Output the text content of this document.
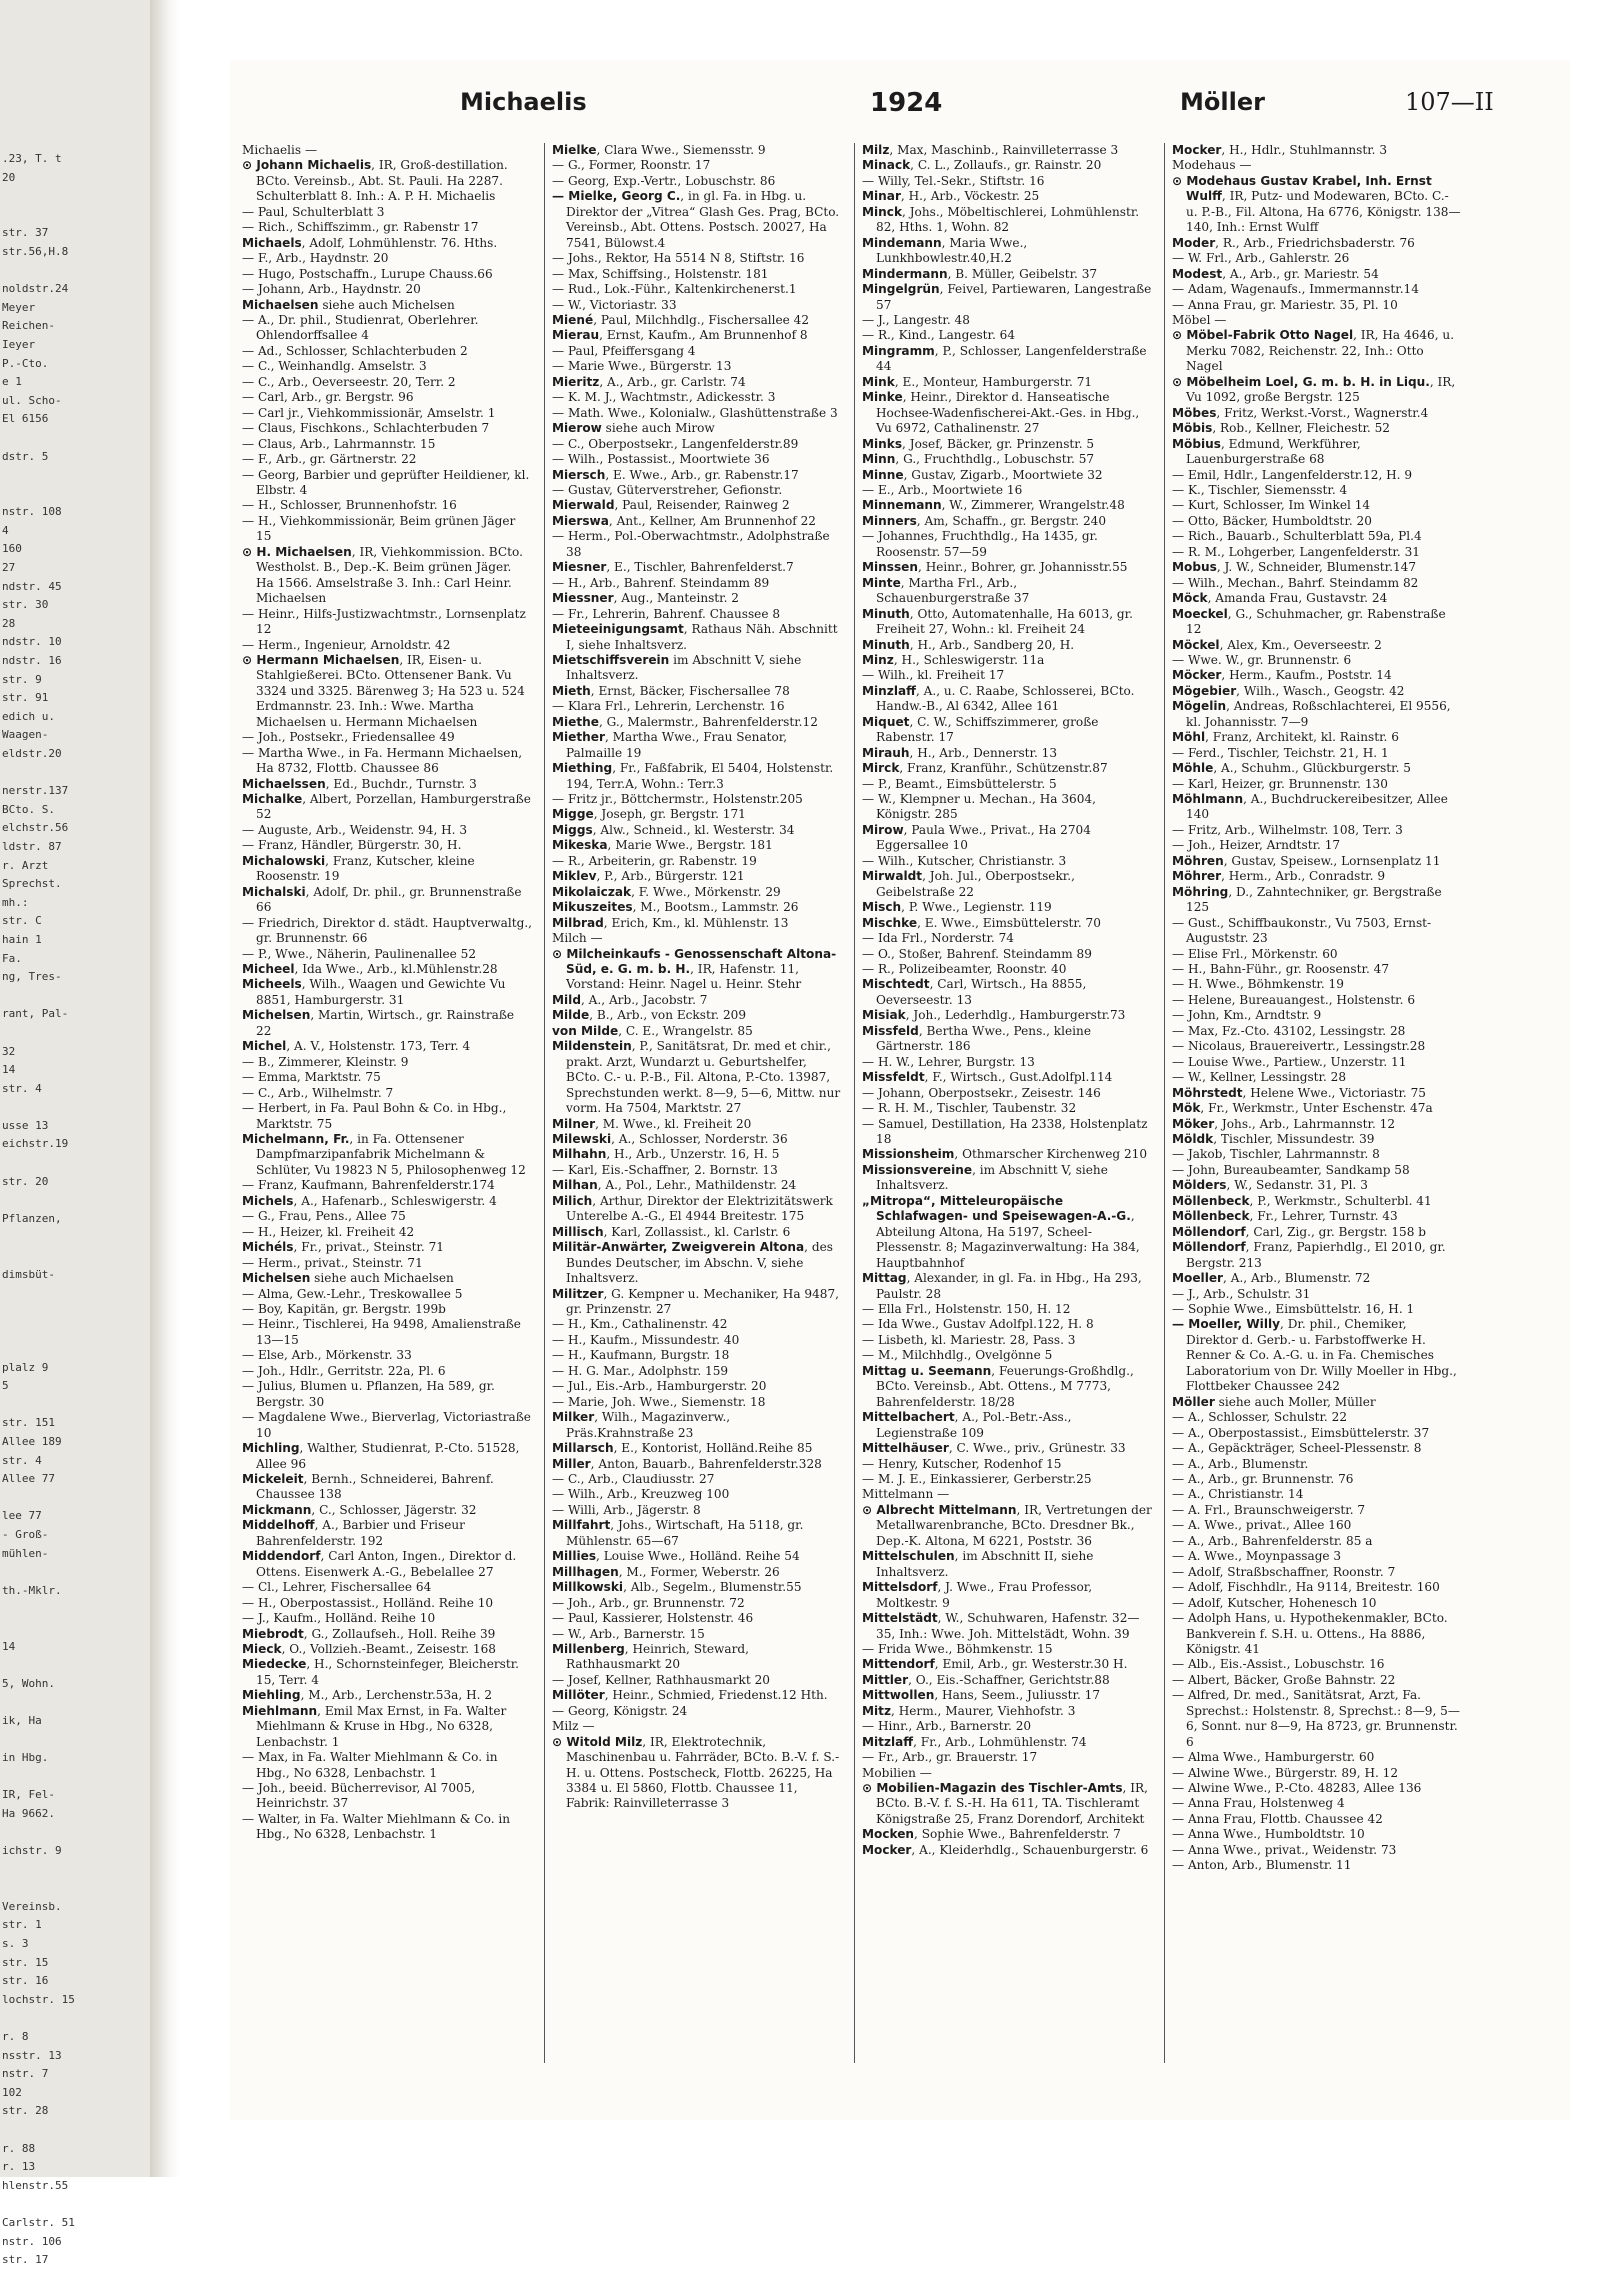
.23, T. t
20

str. 37
str.56,H.8

noldstr.24
Meyer
Reichen-
Ieyer
P.-Cto.
e 1
ul. Scho-
El 6156

dstr. 5

nstr. 108
4
160
27
ndstr. 45
str. 30
28
ndstr. 10
ndstr. 16
str. 9
str. 91
edich u.
Waagen-
eldstr.20

nerstr.137
BCto. S.
elchstr.56
ldstr. 87
r. Arzt
Sprechst.
mh.:
str. C
hain 1
Fa.
ng, Tres-

rant, Pal-

32
14
str. 4

usse 13
eichstr.19

str. 20

Pflanzen,

dimsbüt-

plalz 9
5

str. 151
Allee 189
str. 4
Allee 77

lee 77
- Groß-
mühlen-

th.-Mklr.

14

5, Wohn.

ik, Ha

in Hbg.

IR, Fel-
Ha 9662.

ichstr. 9

Vereinsb.
str. 1
s. 3
str. 15
str. 16
lochstr. 15

r. 8
nsstr. 13
nstr. 7
102
str. 28

r. 88
r. 13
hlenstr.55

Carlstr. 51
nstr. 106
str. 17
Michaelis	1924	Möller	107—II
Michaelis —
⊙ Johann Michaelis, IR, Groß-destillation. BCto. Vereinsb., Abt. St. Pauli. Ha 2287. Schulterblatt 8. Inh.: A. P. H. Michaelis
— Paul, Schulterblatt 3
— Rich., Schiffszimm., gr. Rabenstr 17
Michaels, Adolf, Lohmühlenstr. 76. Hths.
— F., Arb., Haydnstr. 20
— Hugo, Postschaffn., Lurupe Chauss.66
— Johann, Arb., Haydnstr. 20
Michaelsen siehe auch Michelsen
— A., Dr. phil., Studienrat, Oberlehrer. Ohlendorffsallee 4
— Ad., Schlosser, Schlachterbuden 2
— C., Weinhandlg. Amselstr. 3
— C., Arb., Oeverseestr. 20, Terr. 2
— Carl, Arb., gr. Bergstr. 96
— Carl jr., Viehkommissionär, Amselstr. 1
— Claus, Fischkons., Schlachterbuden 7
— Claus, Arb., Lahrmannstr. 15
— F., Arb., gr. Gärtnerstr. 22
— Georg, Barbier und geprüfter Heildiener, kl. Elbstr. 4
— H., Schlosser, Brunnenhofstr. 16
— H., Viehkommissionär, Beim grünen Jäger 15
⊙ H. Michaelsen, IR, Viehkommission. BCto. Westholst. B., Dep.-K. Beim grünen Jäger. Ha 1566. Amselstraße 3. Inh.: Carl Heinr. Michaelsen
— Heinr., Hilfs-Justizwachtmstr., Lornsenplatz 12
— Herm., Ingenieur, Arnoldstr. 42
⊙ Hermann Michaelsen, IR, Eisen- u. Stahlgießerei. BCto. Ottensener Bank. Vu 3324 und 3325. Bärenweg 3; Ha 523 u. 524 Erdmannstr. 23. Inh.: Wwe. Martha Michaelsen u. Hermann Michaelsen
— Joh., Postsekr., Friedensallee 49
— Martha Wwe., in Fa. Hermann Michaelsen, Ha 8732, Flottb. Chaussee 86
Michaelssen, Ed., Buchdr., Turnstr. 3
Michalke, Albert, Porzellan, Hamburgerstraße 52
— Auguste, Arb., Weidenstr. 94, H. 3
— Franz, Händler, Bürgerstr. 30, H.
Michalowski, Franz, Kutscher, kleine Roosenstr. 19
Michalski, Adolf, Dr. phil., gr. Brunnenstraße 66
— Friedrich, Direktor d. städt. Hauptverwaltg., gr. Brunnenstr. 66
— P., Wwe., Näherin, Paulinenallee 52
Micheel, Ida Wwe., Arb., kl.Mühlenstr.28
Micheels, Wilh., Waagen und Gewichte Vu 8851, Hamburgerstr. 31
Michelsen, Martin, Wirtsch., gr. Rainstraße 22
Michel, A. V., Holstenstr. 173, Terr. 4
— B., Zimmerer, Kleinstr. 9
— Emma, Marktstr. 75
— C., Arb., Wilhelmstr. 7
— Herbert, in Fa. Paul Bohn & Co. in Hbg., Marktstr. 75
Michelmann, Fr., in Fa. Ottensener Dampfmarzipanfabrik Michelmann & Schlüter, Vu 19823 N 5, Philosophenweg 12
— Franz, Kaufmann, Bahrenfelderstr.174
Michels, A., Hafenarb., Schleswigerstr. 4
— G., Frau, Pens., Allee 75
— H., Heizer, kl. Freiheit 42
Michéls, Fr., privat., Steinstr. 71
— Herm., privat., Steinstr. 71
Michelsen siehe auch Michaelsen
— Alma, Gew.-Lehr., Treskowallee 5
— Boy, Kapitän, gr. Bergstr. 199b
— Heinr., Tischlerei, Ha 9498, Amalienstraße 13—15
— Else, Arb., Mörkenstr. 33
— Joh., Hdlr., Gerritstr. 22a, Pl. 6
— Julius, Blumen u. Pflanzen, Ha 589, gr. Bergstr. 30
— Magdalene Wwe., Bierverlag, Victoriastraße 10
Michling, Walther, Studienrat, P.-Cto. 51528, Allee 96
Mickeleit, Bernh., Schneiderei, Bahrenf. Chaussee 138
Mickmann, C., Schlosser, Jägerstr. 32
Middelhoff, A., Barbier und Friseur Bahrenfelderstr. 192
Middendorf, Carl Anton, Ingen., Direktor d. Ottens. Eisenwerk A.-G., Bebelallee 27
— Cl., Lehrer, Fischersallee 64
— H., Oberpostassist., Holländ. Reihe 10
— J., Kaufm., Holländ. Reihe 10
Miebrodt, G., Zollaufseh., Holl. Reihe 39
Mieck, O., Vollzieh.-Beamt., Zeisestr. 168
Miedecke, H., Schornsteinfeger, Bleicherstr. 15, Terr. 4
Miehling, M., Arb., Lerchenstr.53a, H. 2
Miehlmann, Emil Max Ernst, in Fa. Walter Miehlmann & Kruse in Hbg., No 6328, Lenbachstr. 1
— Max, in Fa. Walter Miehlmann & Co. in Hbg., No 6328, Lenbachstr. 1
— Joh., beeid. Bücherrevisor, Al 7005, Heinrichstr. 37
— Walter, in Fa. Walter Miehlmann & Co. in Hbg., No 6328, Lenbachstr. 1
Mielke, Clara Wwe., Siemensstr. 9
— G., Former, Roonstr. 17
— Georg, Exp.-Vertr., Lobuschstr. 86
— Mielke, Georg C., in gl. Fa. in Hbg. u. Direktor der „Vitrea“ Glash Ges. Prag, BCto. Vereinsb., Abt. Ottens. Postsch. 20027, Ha 7541, Bülowst.4
— Johs., Rektor, Ha 5514 N 8, Stiftstr. 16
— Max, Schiffsing., Holstenstr. 181
— Rud., Lok.-Führ., Kaltenkirchenerst.1
— W., Victoriastr. 33
Miené, Paul, Milchhdlg., Fischersallee 42
Mierau, Ernst, Kaufm., Am Brunnenhof 8
— Paul, Pfeiffersgang 4
— Marie Wwe., Bürgerstr. 13
Mieritz, A., Arb., gr. Carlstr. 74
— K. M. J., Wachtmstr., Adickesstr. 3
— Math. Wwe., Kolonialw., Glashüttenstraße 3
Mierow siehe auch Mirow
— C., Oberpostsekr., Langenfelderstr.89
— Wilh., Postassist., Moortwiete 36
Miersch, E. Wwe., Arb., gr. Rabenstr.17
— Gustav, Güterverstreher, Gefionstr.
Mierwald, Paul, Reisender, Rainweg 2
Mierswa, Ant., Kellner, Am Brunnenhof 22
— Herm., Pol.-Oberwachtmstr., Adolphstraße 38
Miesner, E., Tischler, Bahrenfelderst.7
— H., Arb., Bahrenf. Steindamm 89
Miessner, Aug., Manteinstr. 2
— Fr., Lehrerin, Bahrenf. Chaussee 8
Mieteeinigungsamt, Rathaus Näh. Abschnitt I, siehe Inhaltsverz.
Mietschiffsverein im Abschnitt V, siehe Inhaltsverz.
Mieth, Ernst, Bäcker, Fischersallee 78
— Klara Frl., Lehrerin, Lerchenstr. 16
Miethe, G., Malermstr., Bahrenfelderstr.12
Miether, Martha Wwe., Frau Senator, Palmaille 19
Miething, Fr., Faßfabrik, El 5404, Holstenstr. 194, Terr.A, Wohn.: Terr.3
— Fritz jr., Böttchermstr., Holstenstr.205
Migge, Joseph, gr. Bergstr. 171
Miggs, Alw., Schneid., kl. Westerstr. 34
Mikeska, Marie Wwe., Bergstr. 181
— R., Arbeiterin, gr. Rabenstr. 19
Miklev, P., Arb., Bürgerstr. 121
Mikolaiczak, F. Wwe., Mörkenstr. 29
Mikuszeites, M., Bootsm., Lammstr. 26
Milbrad, Erich, Km., kl. Mühlenstr. 13
Milch —
⊙ Milcheinkaufs - Genossenschaft Altona-Süd, e. G. m. b. H., IR, Hafenstr. 11, Vorstand: Heinr. Nagel u. Heinr. Stehr
Mild, A., Arb., Jacobstr. 7
Milde, B., Arb., von Eckstr. 209
von Milde, C. E., Wrangelstr. 85
Mildenstein, P., Sanitätsrat, Dr. med et chir., prakt. Arzt, Wundarzt u. Geburtshelfer, BCto. C.- u. P.-B., Fil. Altona, P.-Cto. 13987, Sprechstunden werkt. 8—9, 5—6, Mittw. nur vorm. Ha 7504, Marktstr. 27
Milner, M. Wwe., kl. Freiheit 20
Milewski, A., Schlosser, Norderstr. 36
Milhahn, H., Arb., Unzerstr. 16, H. 5
— Karl, Eis.-Schaffner, 2. Bornstr. 13
Milhan, A., Pol., Lehr., Mathildenstr. 24
Milich, Arthur, Direktor der Elektrizitätswerk Unterelbe A.-G., El 4944 Breitestr. 175
Millisch, Karl, Zollassist., kl. Carlstr. 6
Militär-Anwärter, Zweigverein Altona, des Bundes Deutscher, im Abschn. V, siehe Inhaltsverz.
Militzer, G. Kempner u. Mechaniker, Ha 9487, gr. Prinzenstr. 27
— H., Km., Cathalinenstr. 42
— H., Kaufm., Missundestr. 40
— H., Kaufmann, Burgstr. 18
— H. G. Mar., Adolphstr. 159
— Jul., Eis.-Arb., Hamburgerstr. 20
— Marie, Joh. Wwe., Siemenstr. 18
Milker, Wilh., Magazinverw., Präs.Krahnstraße 23
Millarsch, E., Kontorist, Holländ.Reihe 85
Miller, Anton, Bauarb., Bahrenfelderstr.328
— C., Arb., Claudiusstr. 27
— Wilh., Arb., Kreuzweg 100
— Willi, Arb., Jägerstr. 8
Millfahrt, Johs., Wirtschaft, Ha 5118, gr. Mühlenstr. 65—67
Millies, Louise Wwe., Holländ. Reihe 54
Millhagen, M., Former, Weberstr. 26
Millkowski, Alb., Segelm., Blumenstr.55
— Joh., Arb., gr. Brunnenstr. 72
— Paul, Kassierer, Holstenstr. 46
— W., Arb., Barnerstr. 15
Millenberg, Heinrich, Steward, Rathhausmarkt 20
— Josef, Kellner, Rathhausmarkt 20
Millöter, Heinr., Schmied, Friedenst.12 Hth.
— Georg, Königstr. 24
Milz —
⊙ Witold Milz, IR, Elektrotechnik, Maschinenbau u. Fahrräder, BCto. B.-V. f. S.-H. u. Ottens. Postscheck, Flottb. 26225, Ha 3384 u. El 5860, Flottb. Chaussee 11, Fabrik: Rainvilleterrasse 3
Milz, Max, Maschinb., Rainvilleterrasse 3
Minack, C. L., Zollaufs., gr. Rainstr. 20
— Willy, Tel.-Sekr., Stiftstr. 16
Minar, H., Arb., Vöckestr. 25
Minck, Johs., Möbeltischlerei, Lohmühlenstr. 82, Hths. 1, Wohn. 82
Mindemann, Maria Wwe., Lunkhbowlestr.40,H.2
Mindermann, B. Müller, Geibelstr. 37
Mingelgrün, Feivel, Partiewaren, Langestraße 57
— J., Langestr. 48
— R., Kind., Langestr. 64
Mingramm, P., Schlosser, Langenfelderstraße 44
Mink, E., Monteur, Hamburgerstr. 71
Minke, Heinr., Direktor d. Hanseatische Hochsee-Wadenfischerei-Akt.-Ges. in Hbg., Vu 6972, Cathalinenstr. 27
Minks, Josef, Bäcker, gr. Prinzenstr. 5
Minn, G., Fruchthdlg., Lobuschstr. 57
Minne, Gustav, Zigarb., Moortwiete 32
— E., Arb., Moortwiete 16
Minnemann, W., Zimmerer, Wrangelstr.48
Minners, Am, Schaffn., gr. Bergstr. 240
— Johannes, Fruchthdlg., Ha 1435, gr. Roosenstr. 57—59
Minssen, Heinr., Bohrer, gr. Johannisstr.55
Minte, Martha Frl., Arb., Schauenburgerstraße 37
Minuth, Otto, Automatenhalle, Ha 6013, gr. Freiheit 27, Wohn.: kl. Freiheit 24
Minuth, H., Arb., Sandberg 20, H.
Minz, H., Schleswigerstr. 11a
— Wilh., kl. Freiheit 17
Minzlaff, A., u. C. Raabe, Schlosserei, BCto. Handw.-B., Al 6342, Allee 161
Miquet, C. W., Schiffszimmerer, große Rabenstr. 17
Mirauh, H., Arb., Dennerstr. 13
Mirck, Franz, Kranführ., Schützenstr.87
— P., Beamt., Eimsbüttelerstr. 5
— W., Klempner u. Mechan., Ha 3604, Königstr. 285
Mirow, Paula Wwe., Privat., Ha 2704 Eggersallee 10
— Wilh., Kutscher, Christianstr. 3
Mirwaldt, Joh. Jul., Oberpostsekr., Geibelstraße 22
Misch, P. Wwe., Legienstr. 119
Mischke, E. Wwe., Eimsbüttelerstr. 70
— Ida Frl., Norderstr. 74
— O., Stoßer, Bahrenf. Steindamm 89
— R., Polizeibeamter, Roonstr. 40
Mischtedt, Carl, Wirtsch., Ha 8855, Oeverseestr. 13
Misiak, Joh., Lederhdlg., Hamburgerstr.73
Missfeld, Bertha Wwe., Pens., kleine Gärtnerstr. 186
— H. W., Lehrer, Burgstr. 13
Missfeldt, F., Wirtsch., Gust.Adolfpl.114
— Johann, Oberpostsekr., Zeisestr. 146
— R. H. M., Tischler, Taubenstr. 32
— Samuel, Destillation, Ha 2338, Holstenplatz 18
Missionsheim, Othmarscher Kirchenweg 210
Missionsvereine, im Abschnitt V, siehe Inhaltsverz.
„Mitropa“, Mitteleuropäische Schlafwagen- und Speisewagen-A.-G., Abteilung Altona, Ha 5197, Scheel-Plessenstr. 8; Magazinverwaltung: Ha 384, Hauptbahnhof
Mittag, Alexander, in gl. Fa. in Hbg., Ha 293, Paulstr. 28
— Ella Frl., Holstenstr. 150, H. 12
— Ida Wwe., Gustav Adolfpl.122, H. 8
— Lisbeth, kl. Mariestr. 28, Pass. 3
— M., Milchhdlg., Ovelgönne 5
Mittag u. Seemann, Feuerungs-Großhdlg., BCto. Vereinsb., Abt. Ottens., M 7773, Bahrenfelderstr. 18/28
Mittelbachert, A., Pol.-Betr.-Ass., Legienstraße 109
Mittelhäuser, C. Wwe., priv., Grünestr. 33
— Henry, Kutscher, Rodenhof 15
— M. J. E., Einkassierer, Gerberstr.25
Mittelmann —
⊙ Albrecht Mittelmann, IR, Vertretungen der Metallwarenbranche, BCto. Dresdner Bk., Dep.-K. Altona, M 6221, Poststr. 36
Mittelschulen, im Abschnitt II, siehe Inhaltsverz.
Mittelsdorf, J. Wwe., Frau Professor, Moltkestr. 9
Mittelstädt, W., Schuhwaren, Hafenstr. 32—35, Inh.: Wwe. Joh. Mittelstädt, Wohn. 39
— Frida Wwe., Böhmkenstr. 15
Mittendorf, Emil, Arb., gr. Westerstr.30 H.
Mittler, O., Eis.-Schaffner, Gerichtstr.88
Mittwollen, Hans, Seem., Juliusstr. 17
Mitz, Herm., Maurer, Viehhofstr. 3
— Hinr., Arb., Barnerstr. 20
Mitzlaff, Fr., Arb., Lohmühlenstr. 74
— Fr., Arb., gr. Brauerstr. 17
Mobilien —
⊙ Mobilien-Magazin des Tischler-Amts, IR, BCto. B.-V. f. S.-H. Ha 611, TA. Tischleramt Königstraße 25, Franz Dorendorf, Architekt
Mocken, Sophie Wwe., Bahrenfelderstr. 7
Mocker, A., Kleiderhdlg., Schauenburgerstr. 6
Mocker, H., Hdlr., Stuhlmannstr. 3
Modehaus —
⊙ Modehaus Gustav Krabel, Inh. Ernst Wulff, IR, Putz- und Modewaren, BCto. C.- u. P.-B., Fil. Altona, Ha 6776, Königstr. 138—140, Inh.: Ernst Wulff
Moder, R., Arb., Friedrichsbaderstr. 76
— W. Frl., Arb., Gahlerstr. 26
Modest, A., Arb., gr. Mariestr. 54
— Adam, Wagenaufs., Immermannstr.14
— Anna Frau, gr. Mariestr. 35, Pl. 10
Möbel —
⊙ Möbel-Fabrik Otto Nagel, IR, Ha 4646, u. Merku 7082, Reichenstr. 22, Inh.: Otto Nagel
⊙ Möbelheim Loel, G. m. b. H. in Liqu., IR, Vu 1092, große Bergstr. 125
Möbes, Fritz, Werkst.-Vorst., Wagnerstr.4
Möbis, Rob., Kellner, Fleichestr. 52
Möbius, Edmund, Werkführer, Lauenburgerstraße 68
— Emil, Hdlr., Langenfelderstr.12, H. 9
— K., Tischler, Siemensstr. 4
— Kurt, Schlosser, Im Winkel 14
— Otto, Bäcker, Humboldtstr. 20
— Rich., Bauarb., Schulterblatt 59a, Pl.4
— R. M., Lohgerber, Langenfelderstr. 31
Mobus, J. W., Schneider, Blumenstr.147
— Wilh., Mechan., Bahrf. Steindamm 82
Möck, Amanda Frau, Gustavstr. 24
Moeckel, G., Schuhmacher, gr. Rabenstraße 12
Möckel, Alex, Km., Oeverseestr. 2
— Wwe. W., gr. Brunnenstr. 6
Möcker, Herm., Kaufm., Poststr. 14
Mögebier, Wilh., Wasch., Geogstr. 42
Mögelin, Andreas, Roßschlachterei, El 9556, kl. Johannisstr. 7—9
Möhl, Franz, Architekt, kl. Rainstr. 6
— Ferd., Tischler, Teichstr. 21, H. 1
Möhle, A., Schuhm., Glückburgerstr. 5
— Karl, Heizer, gr. Brunnenstr. 130
Möhlmann, A., Buchdruckereibesitzer, Allee 140
— Fritz, Arb., Wilhelmstr. 108, Terr. 3
— Joh., Heizer, Arndtstr. 17
Möhren, Gustav, Speisew., Lornsenplatz 11
Möhrer, Herm., Arb., Conradstr. 9
Möhring, D., Zahntechniker, gr. Bergstraße 125
— Gust., Schiffbaukonstr., Vu 7503, Ernst-Auguststr. 23
— Elise Frl., Mörkenstr. 60
— H., Bahn-Führ., gr. Roosenstr. 47
— H. Wwe., Böhmkenstr. 19
— Helene, Bureauangest., Holstenstr. 6
— John, Km., Arndtstr. 9
— Max, Fz.-Cto. 43102, Lessingstr. 28
— Nicolaus, Brauereivertr., Lessingstr.28
— Louise Wwe., Partiew., Unzerstr. 11
— W., Kellner, Lessingstr. 28
Möhrstedt, Helene Wwe., Victoriastr. 75
Mök, Fr., Werkmstr., Unter Eschenstr. 47a
Möker, Johs., Arb., Lahrmannstr. 12
Möldk, Tischler, Missundestr. 39
— Jakob, Tischler, Lahrmannstr. 8
— John, Bureaubeamter, Sandkamp 58
Mölders, W., Sedanstr. 31, Pl. 3
Möllenbeck, P., Werkmstr., Schulterbl. 41
Möllenbeck, Fr., Lehrer, Turnstr. 43
Möllendorf, Carl, Zig., gr. Bergstr. 158 b
Möllendorf, Franz, Papierhdlg., El 2010, gr. Bergstr. 213
Moeller, A., Arb., Blumenstr. 72
— J., Arb., Schulstr. 31
— Sophie Wwe., Eimsbüttelstr. 16, H. 1
— Moeller, Willy, Dr. phil., Chemiker, Direktor d. Gerb.- u. Farbstoffwerke H. Renner & Co. A.-G. u. in Fa. Chemisches Laboratorium von Dr. Willy Moeller in Hbg., Flottbeker Chaussee 242
Möller siehe auch Moller, Müller
— A., Schlosser, Schulstr. 22
— A., Oberpostassist., Eimsbüttelerstr. 37
— A., Gepäckträger, Scheel-Plessenstr. 8
— A., Arb., Blumenstr.
— A., Arb., gr. Brunnenstr. 76
— A., Christianstr. 14
— A. Frl., Braunschweigerstr. 7
— A. Wwe., privat., Allee 160
— A., Arb., Bahrenfelderstr. 85 a
— A. Wwe., Moynpassage 3
— Adolf, Straßbschaffner, Roonstr. 7
— Adolf, Fischhdlr., Ha 9114, Breitestr. 160
— Adolf, Kutscher, Hohenesch 10
— Adolph Hans, u. Hypothekenmakler, BCto. Bankverein f. S.H. u. Ottens., Ha 8886, Königstr. 41
— Alb., Eis.-Assist., Lobuschstr. 16
— Albert, Bäcker, Große Bahnstr. 22
— Alfred, Dr. med., Sanitätsrat, Arzt, Fa. Sprechst.: Holstenstr. 8, Sprechst.: 8—9, 5—6, Sonnt. nur 8—9, Ha 8723, gr. Brunnenstr. 6
— Alma Wwe., Hamburgerstr. 60
— Alwine Wwe., Bürgerstr. 89, H. 12
— Alwine Wwe., P.-Cto. 48283, Allee 136
— Anna Frau, Holstenweg 4
— Anna Frau, Flottb. Chaussee 42
— Anna Wwe., Humboldtstr. 10
— Anna Wwe., privat., Weidenstr. 73
— Anton, Arb., Blumenstr. 11
